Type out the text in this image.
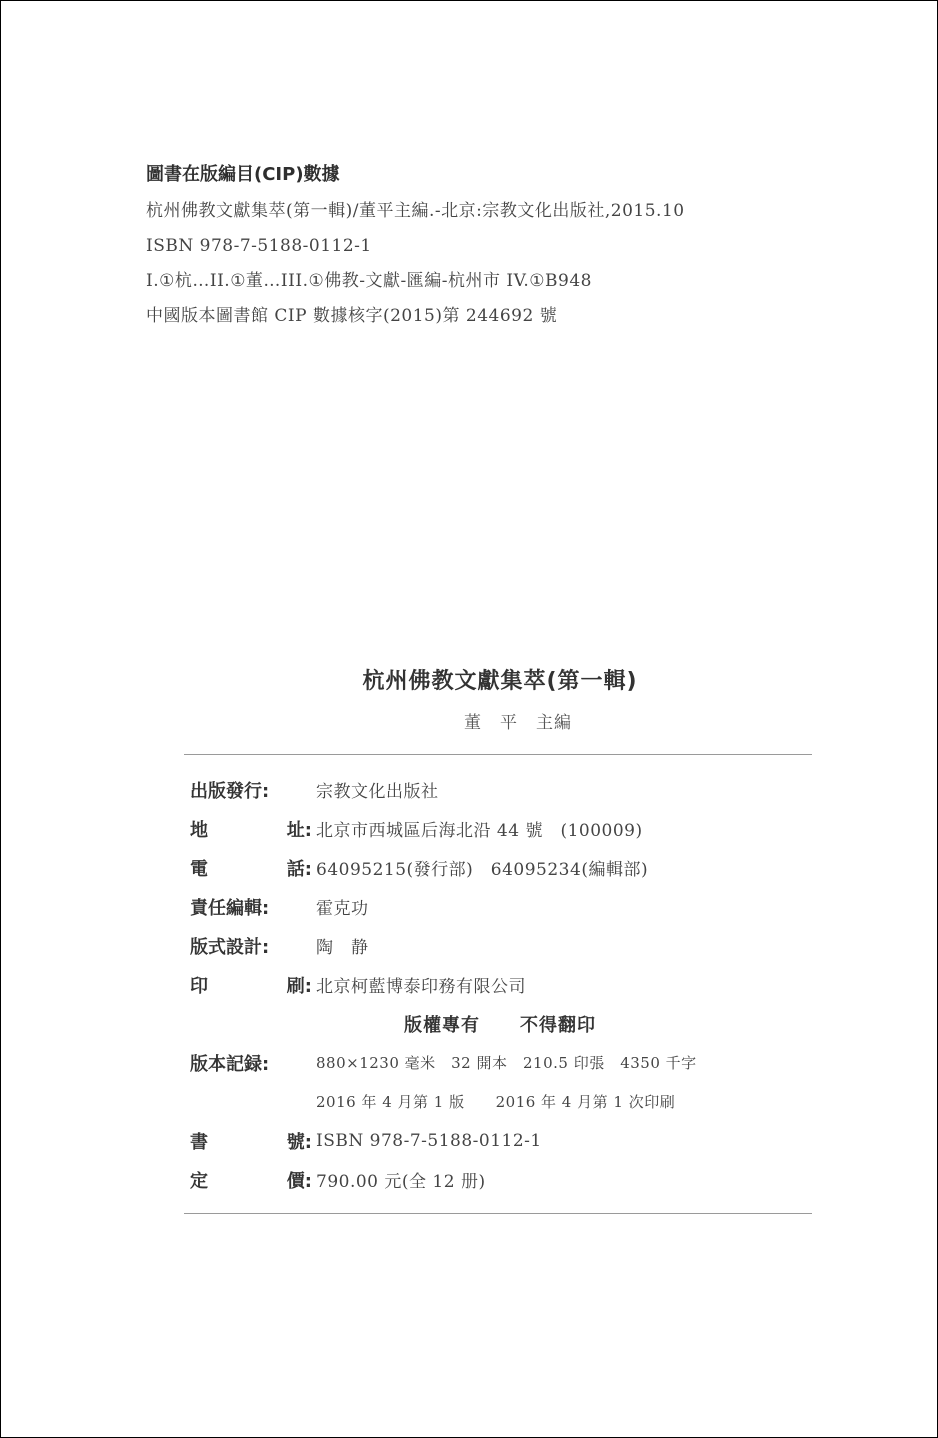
圖書在版編目(CIP)數據
杭州佛教文獻集萃(第一輯)/董平主編.-北京:宗教文化出版社,2015.10
ISBN 978-7-5188-0112-1
I.①杭…II.①董…III.①佛教-文獻-匯編-杭州市 IV.①B948
中國版本圖書館 CIP 數據核字(2015)第 244692 號
杭州佛教文獻集萃(第一輯)
董　平　主編
出版發行:	宗教文化出版社
地	址: 北京市西城區后海北沿 44 號　(100009)
電	話: 64095215(發行部)　64095234(編輯部)
責任編輯:	霍克功
版式設計:	陶　静
印	刷: 北京柯藍博泰印務有限公司
版權專有 不得翻印
版本記録:	880×1230 毫米　32 開本　210.5 印張　4350 千字
2016 年 4 月第 1 版　　2016 年 4 月第 1 次印刷
書	號: ISBN 978-7-5188-0112-1
定	價: 790.00 元(全 12 册)
